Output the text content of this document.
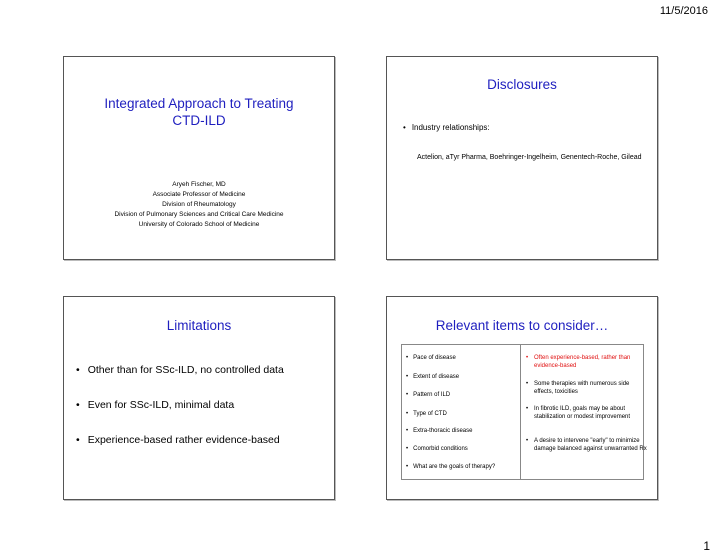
11/5/2016
Integrated Approach to Treating
CTD-ILD
Aryeh Fischer, MD
Associate Professor of Medicine
Division of Rheumatology
Division of Pulmonary Sciences and Critical Care Medicine
University of Colorado School of Medicine
Disclosures
• Industry relationships:
Actelion, aTyr Pharma, Boehringer-Ingelheim, Genentech-Roche, Gilead
Limitations
• Other than for SSc-ILD, no controlled data
• Even for SSc-ILD, minimal data
• Experience-based rather evidence-based
Relevant items to consider…
• Pace of disease
• Extent of disease
• Pattern of ILD
• Type of CTD
• Extra-thoracic disease
• Comorbid conditions
• What are the goals of therapy?
• Often experience-based, rather than evidence-based
• Some therapies with numerous side effects, toxicities
• In fibrotic ILD, goals may be about stabilization or modest improvement
• A desire to intervene "early" to minimize damage balanced against unwarranted Rx
1
